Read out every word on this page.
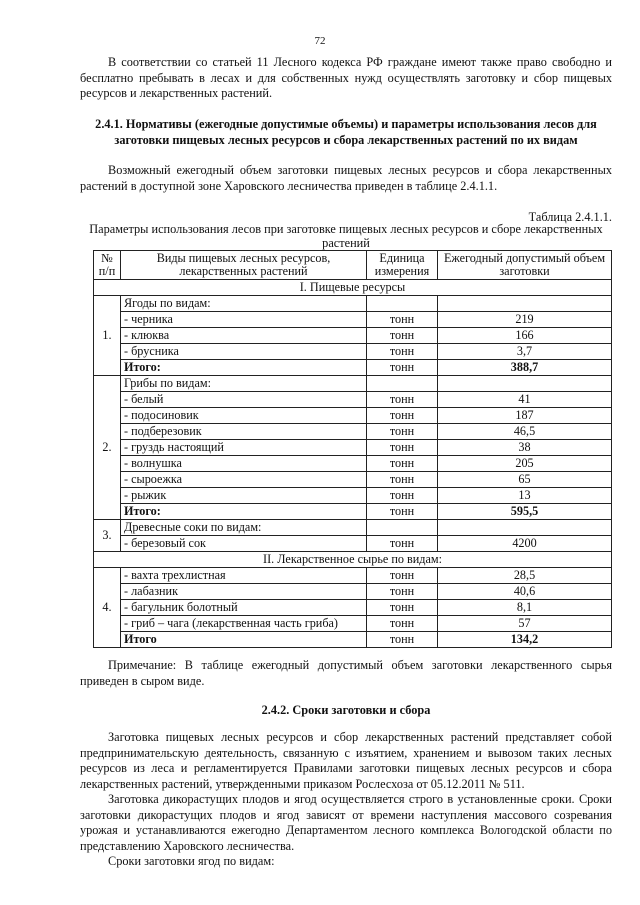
72

В соответствии со статьей 11 Лесного кодекса РФ граждане имеют также право свободно и бесплатно пребывать в лесах и для собственных нужд осуществлять заготовку и сбор пищевых ресурсов и лекарственных растений.

2.4.1. Нормативы (ежегодные допустимые объемы) и параметры использования лесов для заготовки пищевых лесных ресурсов и сбора лекарственных растений по их видам

Возможный ежегодный объем заготовки пищевых лесных ресурсов и сбора лекарственных растений в доступной зоне Харовского лесничества приведен в таблице 2.4.1.1.

Таблица 2.4.1.1.

Параметры использования лесов при заготовке пищевых лесных ресурсов и сборе лекарственных растений

№ п/п	Виды пищевых лесных ресурсов, лекарственных растений	Единица измерения	Ежегодный допустимый объем заготовки
I. Пищевые ресурсы			
1.	Ягоды по видам:		
	- черника	тонн	219
	- клюква	тонн	166
	- брусника	тонн	3,7
	Итого:	тонн	388,7
2.	Грибы по видам:		
	- белый	тонн	41
	- подосиновик	тонн	187
	- подберезовик	тонн	46,5
	- груздь настоящий	тонн	38
	- волнушка	тонн	205
	- сыроежка	тонн	65
	- рыжик	тонн	13
	Итого:	тонн	595,5
3.	Древесные соки по видам:		
	- березовый сок	тонн	4200
II. Лекарственное сырье по видам:			
4.	- вахта трехлистная	тонн	28,5
	- лабазник	тонн	40,6
	- багульник болотный	тонн	8,1
	- гриб – чага (лекарственная часть гриба)	тонн	57
	Итого	тонн	134,2

Примечание: В таблице ежегодный допустимый объем заготовки лекарственного сырья приведен в сыром виде.

2.4.2. Сроки заготовки и сбора

Заготовка пищевых лесных ресурсов и сбор лекарственных растений представляет собой предпринимательскую деятельность, связанную с изъятием, хранением и вывозом таких лесных ресурсов из леса и регламентируется Правилами заготовки пищевых лесных ресурсов и сбора лекарственных растений, утвержденными приказом Рослесхоза от 05.12.2011 № 511.

Заготовка дикорастущих плодов и ягод осуществляется строго в установленные сроки. Сроки заготовки дикорастущих плодов и ягод зависят от времени наступления массового созревания урожая и устанавливаются ежегодно Департаментом лесного комплекса Вологодской области по представлению Харовского лесничества.

Сроки заготовки ягод по видам:
